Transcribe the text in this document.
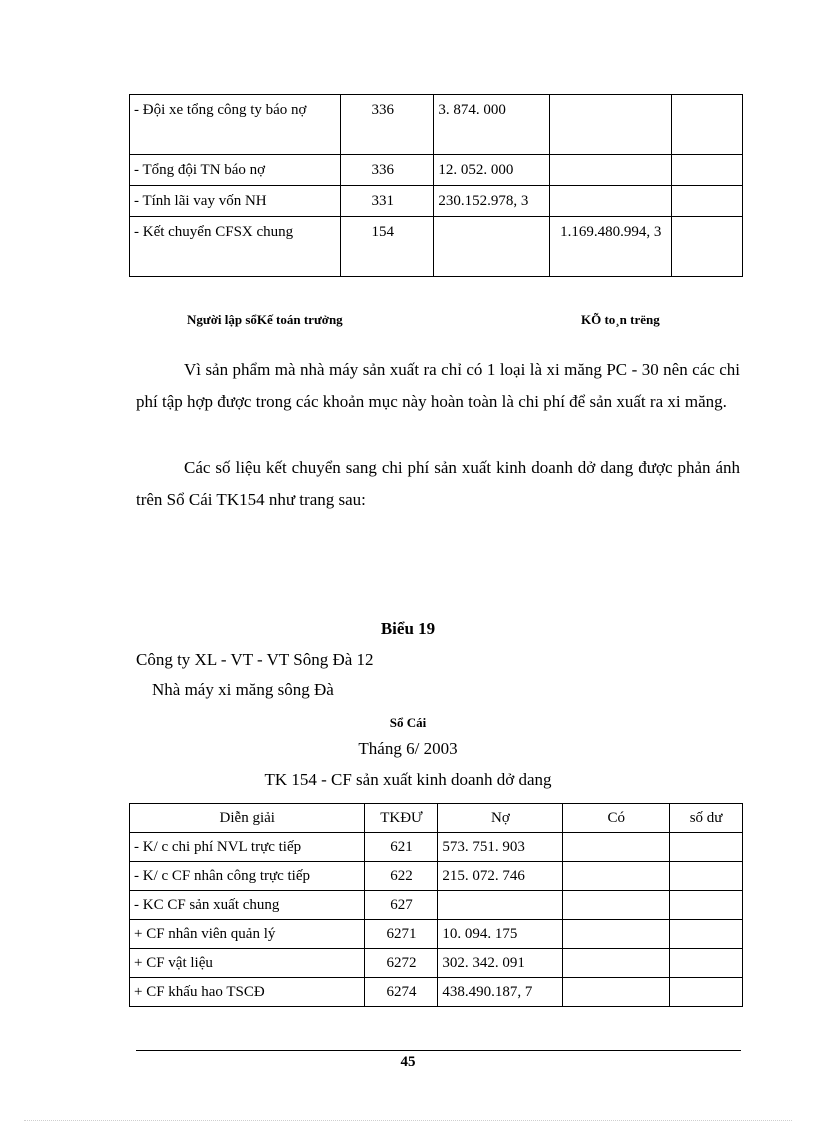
- Đội xe tổng công ty báo nợ	336	3. 874. 000		
- Tổng đội TN báo nợ	336	12. 052. 000		
- Tính lãi vay vốn NH	331	230.152.978, 3		
- Kết chuyển CFSX chung	154		1.169.480.994, 3	
Người lập sổKế toán trưởng	KÕ to¸n trëng

Vì sản phẩm mà nhà máy sản xuất ra chỉ có 1 loại là xi măng PC - 30 nên các chi phí tập hợp được trong các khoản mục này hoàn toàn là chi phí để sản xuất ra xi măng.

Các số liệu kết chuyển sang chi phí sản xuất kinh doanh dở dang được phản ánh trên Sổ Cái TK154 như trang sau:

Biểu 19
Công ty XL - VT - VT Sông Đà 12
Nhà máy xi măng sông Đà
Sổ Cái
Tháng 6/ 2003
TK 154 - CF sản xuất kinh doanh dở dang
Diễn giải	TKĐƯ	Nợ	Có	số dư
- K/ c chi phí NVL trực tiếp	621	573. 751. 903		
- K/ c CF nhân công trực tiếp	622	215. 072. 746		
- KC CF sản xuất chung	627			
+ CF nhân viên quản lý	6271	10. 094. 175		
+ CF vật liệu	6272	302. 342. 091		
+ CF khấu hao TSCĐ	6274	438.490.187, 7		
45
